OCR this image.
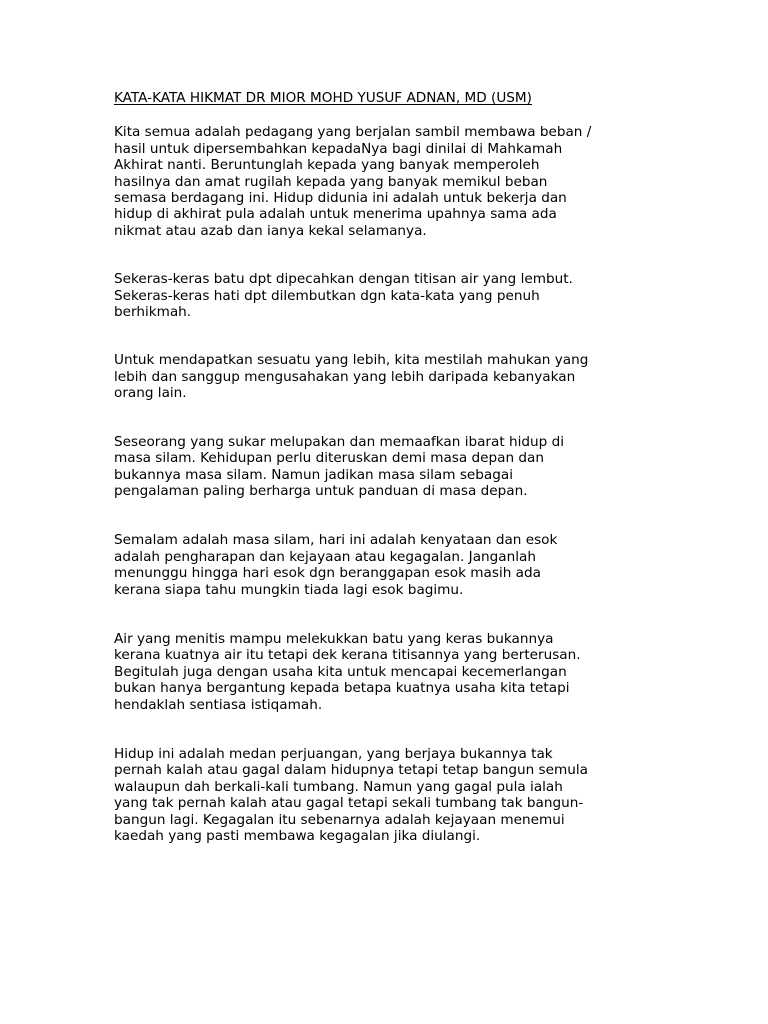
KATA-KATA HIKMAT DR MIOR MOHD YUSUF ADNAN, MD (USM)

Kita semua adalah pedagang yang berjalan sambil membawa beban /
hasil untuk dipersembahkan kepadaNya bagi dinilai di Mahkamah
Akhirat nanti. Beruntunglah kepada yang banyak memperoleh
hasilnya dan amat rugilah kepada yang banyak memikul beban
semasa berdagang ini. Hidup didunia ini adalah untuk bekerja dan
hidup di akhirat pula adalah untuk menerima upahnya sama ada
nikmat atau azab dan ianya kekal selamanya.

Sekeras-keras batu dpt dipecahkan dengan titisan air yang lembut.
Sekeras-keras hati dpt dilembutkan dgn kata-kata yang penuh
berhikmah.

Untuk mendapatkan sesuatu yang lebih, kita mestilah mahukan yang
lebih dan sanggup mengusahakan yang lebih daripada kebanyakan
orang lain.

Seseorang yang sukar melupakan dan memaafkan ibarat hidup di
masa silam. Kehidupan perlu diteruskan demi masa depan dan
bukannya masa silam. Namun jadikan masa silam sebagai
pengalaman paling berharga untuk panduan di masa depan.

Semalam adalah masa silam, hari ini adalah kenyataan dan esok
adalah pengharapan dan kejayaan atau kegagalan. Janganlah
menunggu hingga hari esok dgn beranggapan esok masih ada
kerana siapa tahu mungkin tiada lagi esok bagimu.

Air yang menitis mampu melekukkan batu yang keras bukannya
kerana kuatnya air itu tetapi dek kerana titisannya yang berterusan.
Begitulah juga dengan usaha kita untuk mencapai kecemerlangan
bukan hanya bergantung kepada betapa kuatnya usaha kita tetapi
hendaklah sentiasa istiqamah.

Hidup ini adalah medan perjuangan, yang berjaya bukannya tak
pernah kalah atau gagal dalam hidupnya tetapi tetap bangun semula
walaupun dah berkali-kali tumbang. Namun yang gagal pula ialah
yang tak pernah kalah atau gagal tetapi sekali tumbang tak bangun-
bangun lagi. Kegagalan itu sebenarnya adalah kejayaan menemui
kaedah yang pasti membawa kegagalan jika diulangi.
